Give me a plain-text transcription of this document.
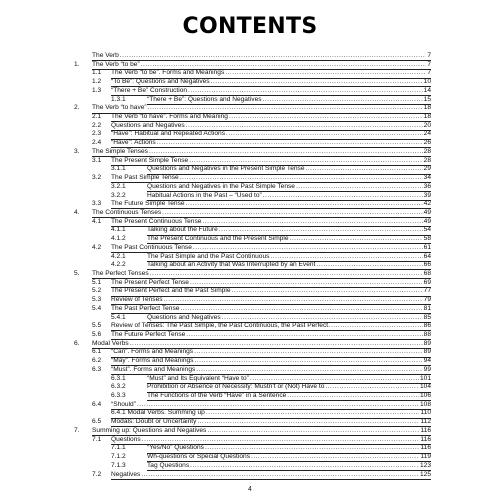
CONTENTS
The Verb .....	7
1. The Verb “to be” .....	7
1.1 The Verb “to be”. Forms and Meanings .....	7
1.2 “To Be”: Questions and Negatives .....	10
1.3 “There + Be” Construction .....	14
1.3.1	“There + Be”: Questions and Negatives .....	15
2. The Verb “to have” .....	18
2.1 The Verb “to have”. Forms and Meaning .....	18
2.2 Questions and Negatives .....	20
2.3 “Have”: Habitual and Repeated Actions .....	24
2.4 “Have”: Actions .....	26
3. The Simple Tenses .....	28
3.1 The Present Simple Tense .....	28
3.1.1	Questions and Negatives in the Present Simple Tense .....	29
3.2 The Past Simple Tense .....	34
3.2.1	Questions and Negatives in the Past Simple Tense .....	36
3.2.2	Habitual Actions in the Past – “Used to” .....	39
3.3 The Future Simple Tense .....	42
4. The Continuous Tenses .....	49
4.1 The Present Continuous Tense .....	49
4.1.1	Talking about the Future .....	54
4.1.2	The Present Continuous and the Present Simple .....	58
4.2 The Past Continuous Tense .....	61
4.2.1	The Past Simple and the Past Continuous .....	64
4.2.2	Talking about an Activity that Was Interrupted by an Event .....	66
5. The Perfect Tenses .....	68
5.1 The Present Perfect Tense .....	69
5.2 The Present Perfect and the Past Simple .....	77
5.3 Review of Tenses .....	79
5.4 The Past Perfect Tense .....	81
5.4.1	Questions and Negatives .....	85
5.5 Review of Tenses: The Past Simple, the Past Continuous, the Past Perfect. .....	86
5.6 The Future Perfect Tense .....	88
6. Modal Verbs .....	89
6.1 “Can”. Forms and Meanings .....	89
6.2 “May”. Forms and Meanings .....	94
6.3 “Must”. Forms and Meanings .....	99
6.3.1	“Must” and Its Equivalent “Have to” .....	101
6.3.2	Prohibition or Absence of Necessity: Mustn’t or (Not) Have to .....	104
6.3.3	The Functions of the Verb “Have” in a Sentence .....	106
6.4 “Should” .....	108
6.4.1 Modal Verbs. Summing up .....	110
6.5 Modals: Doubt or Uncertainty .....	112
7. Summing up: Questions and Negatives .....	116
7.1 Questions .....	116
7.1.1	“Yes/No” Questions .....	116
7.1.2	Wh-questions or Special Questions .....	119
7.1.3	Tag Questions .....	123
7.2 Negatives .....	125
4
